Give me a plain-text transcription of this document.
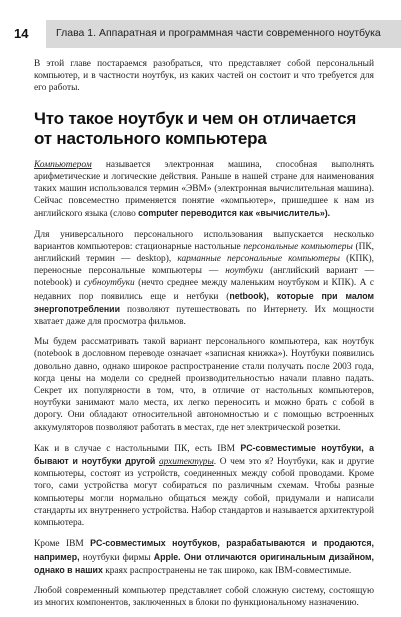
14	Глава 1. Аппаратная и программная части современного ноутбука

В этой главе постараемся разобраться, что представляет собой персональный компьютер, и в частности ноутбук, из каких частей он состоит и что требуется для его работы.

Что такое ноутбук и чем он отличается от настольного компьютера

Компьютером называется электронная машина, способная выполнять арифметические и логические действия. Раньше в нашей стране для наименования таких машин использовался термин «ЭВМ» (электронная вычислительная машина). Сейчас повсеместно применяется понятие «компьютер», пришедшее к нам из английского языка (слово computer переводится как «вычислитель»).

Для универсального персонального использования выпускается несколько вариантов компьютеров: стационарные настольные персональные компьютеры (ПК, английский термин — desktop), карманные персональные компьютеры (КПК), переносные персональные компьютеры — ноутбуки (английский вариант — notebook) и субноутбуки (нечто среднее между маленьким ноутбуком и КПК). А с недавних пор появились еще и нетбуки (netbook), которые при малом энергопотреблении позволяют путешествовать по Интернету. Их мощности хватает даже для просмотра фильмов.

Мы будем рассматривать такой вариант персонального компьютера, как ноутбук (notebook в дословном переводе означает «записная книжка»). Ноутбуки появились довольно давно, однако широкое распространение стали получать после 2003 года, когда цены на модели со средней производительностью начали плавно падать. Секрет их популярности в том, что, в отличие от настольных компьютеров, ноутбуки занимают мало места, их легко переносить и можно брать с собой в дорогу. Они обладают относительной автономностью и с помощью встроенных аккумуляторов позволяют работать в местах, где нет электрической розетки.

Как и в случае с настольными ПК, есть IBM PC-совместимые ноутбуки, а бывают и ноутбуки другой архитектуры. О чем это я? Ноутбуки, как и другие компьютеры, состоят из устройств, соединенных между собой проводами. Кроме того, сами устройства могут собираться по различным схемам. Чтобы разные компьютеры могли нормально общаться между собой, придумали и написали стандарты их внутреннего устройства. Набор стандартов и называется архитектурой компьютера.

Кроме IBM PC-совместимых ноутбуков, разрабатываются и продаются, например, ноутбуки фирмы Apple. Они отличаются оригинальным дизайном, однако в наших краях распространены не так широко, как IBM-совместимые.

Любой современный компьютер представляет собой сложную систему, состоящую из многих компонентов, заключенных в блоки по функциональному назначению.
